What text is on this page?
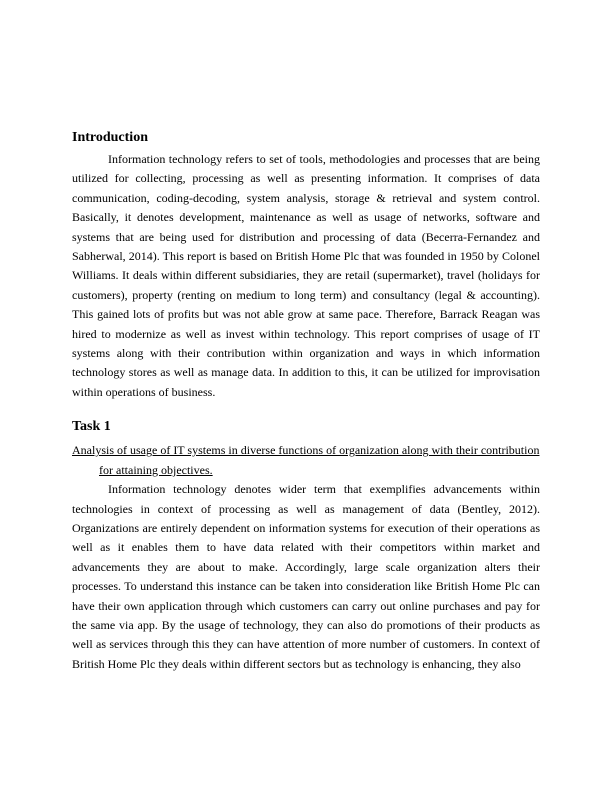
Introduction

Information technology refers to set of tools, methodologies and processes that are being utilized for collecting, processing as well as presenting information. It comprises of data communication, coding-decoding, system analysis, storage & retrieval and system control. Basically, it denotes development, maintenance as well as usage of networks, software and systems that are being used for distribution and processing of data (Becerra-Fernandez and Sabherwal, 2014). This report is based on British Home Plc that was founded in 1950 by Colonel Williams. It deals within different subsidiaries, they are retail (supermarket), travel (holidays for customers), property (renting on medium to long term) and consultancy (legal & accounting). This gained lots of profits but was not able grow at same pace. Therefore, Barrack Reagan was hired to modernize as well as invest within technology. This report comprises of usage of IT systems along with their contribution within organization and ways in which information technology stores as well as manage data. In addition to this, it can be utilized for improvisation within operations of business.

Task 1

Analysis of usage of IT systems in diverse functions of organization along with their contribution for attaining objectives.

Information technology denotes wider term that exemplifies advancements within technologies in context of processing as well as management of data (Bentley, 2012). Organizations are entirely dependent on information systems for execution of their operations as well as it enables them to have data related with their competitors within market and advancements they are about to make. Accordingly, large scale organization alters their processes. To understand this instance can be taken into consideration like British Home Plc can have their own application through which customers can carry out online purchases and pay for the same via app. By the usage of technology, they can also do promotions of their products as well as services through this they can have attention of more number of customers. In context of British Home Plc they deals within different sectors but as technology is enhancing, they also
